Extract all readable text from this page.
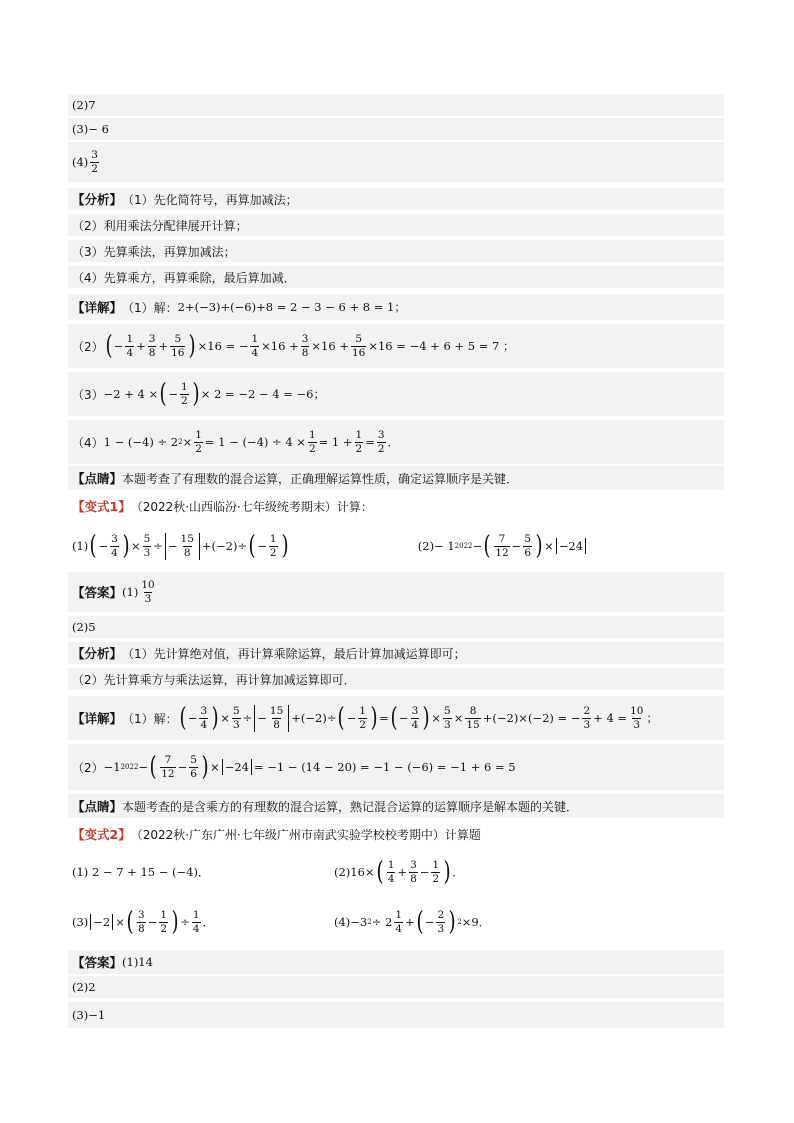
(2)7
(3)− 6
$(4) \frac{3}{2}$
【分析】 （1）先化简符号，再算加减法；
（2）利用乘法分配律展开计算；
（3）先算乘法，再算加减法；
（4）先算乘方，再算乘除，最后算加减．
【详解】 （1）解： 2+(−3)+(−6)+8 = 2 − 3 − 6 + 8 = 1；
（2） ( − $\frac{1}{4} + \frac{3}{8} + \frac{5}{16}$ ) ×16 = − $\frac{1}{4} \times 16 + \frac{3}{8} \times 16 + \frac{5}{16} \times 16 = -4 + 6 + 5 = 7$ ；
（3） −2 + 4 × ( − $\frac{1}{2}$ ) × 2 = −2 − 4 = −6；
（4） 1 − (−4) ÷ 2 $2 \times \frac{1}{2} = 1 - (-4) \div 4 \times \frac{1}{2} = 1 + \frac{1}{2} = \frac{3}{2}$ ．
【点睛】 本题考查了有理数的混合运算，正确理解运算性质，确定运算顺序是关键．
【变式1】 （2022秋·山西临汾·七年级统考期末）计算：
(1) ( − $\frac{3}{4}$ ) × $\frac{5}{3}$ ÷ − $\frac{15}{8} +(-2)\div$ ( − $\frac{1}{2}$ )	(2) − 1 2022 − ( $\frac{7}{12} - \frac{5}{6}$ ) × −24
【答案】 $(1) \frac{10}{3}$
(2)5
【分析】 （1）先计算绝对值，再计算乘除运算，最后计算加减运算即可；
（2）先计算乘方与乘法运算，再计算加减运算即可．
【详解】 （1）解： ( − $\frac{3}{4}$ ) × $\frac{5}{3}$ ÷ − $\frac{15}{8} +(-2)\div$ ( − $\frac{1}{2}$ ) = ( − $\frac{3}{4}$ ) × $\frac{5}{3} \times \frac{8}{15} +(-2)\times(-2)$ = − $\frac{2}{3} + 4 = \frac{10}{3}$ ；
（2） −1 2022 − ( $\frac{7}{12} - \frac{5}{6}$ ) × −24 = −1 − (14 − 20) = −1 − (−6) = −1 + 6 = 5
【点睛】 本题考查的是含乘方的有理数的混合运算，熟记混合运算的运算顺序是解本题的关键．
【变式2】 （2022秋·广东广州·七年级广州市南武实验学校校考期中）计算题
(1) 2 − 7 + 15 − (−4)．	(2) 16× ( $\frac{1}{4} + \frac{3}{8} - \frac{1}{2}$ ) ．
(3) −2 × ( $\frac{3}{8} - \frac{1}{2}$ ) ÷ $\frac{1}{4}$ ．	(4) −3 $2 \div 2 \frac{1}{4}$ + ( − $\frac{2}{3}$ ) 2 ×9．
【答案】 (1)14
(2)2
(3)−1
